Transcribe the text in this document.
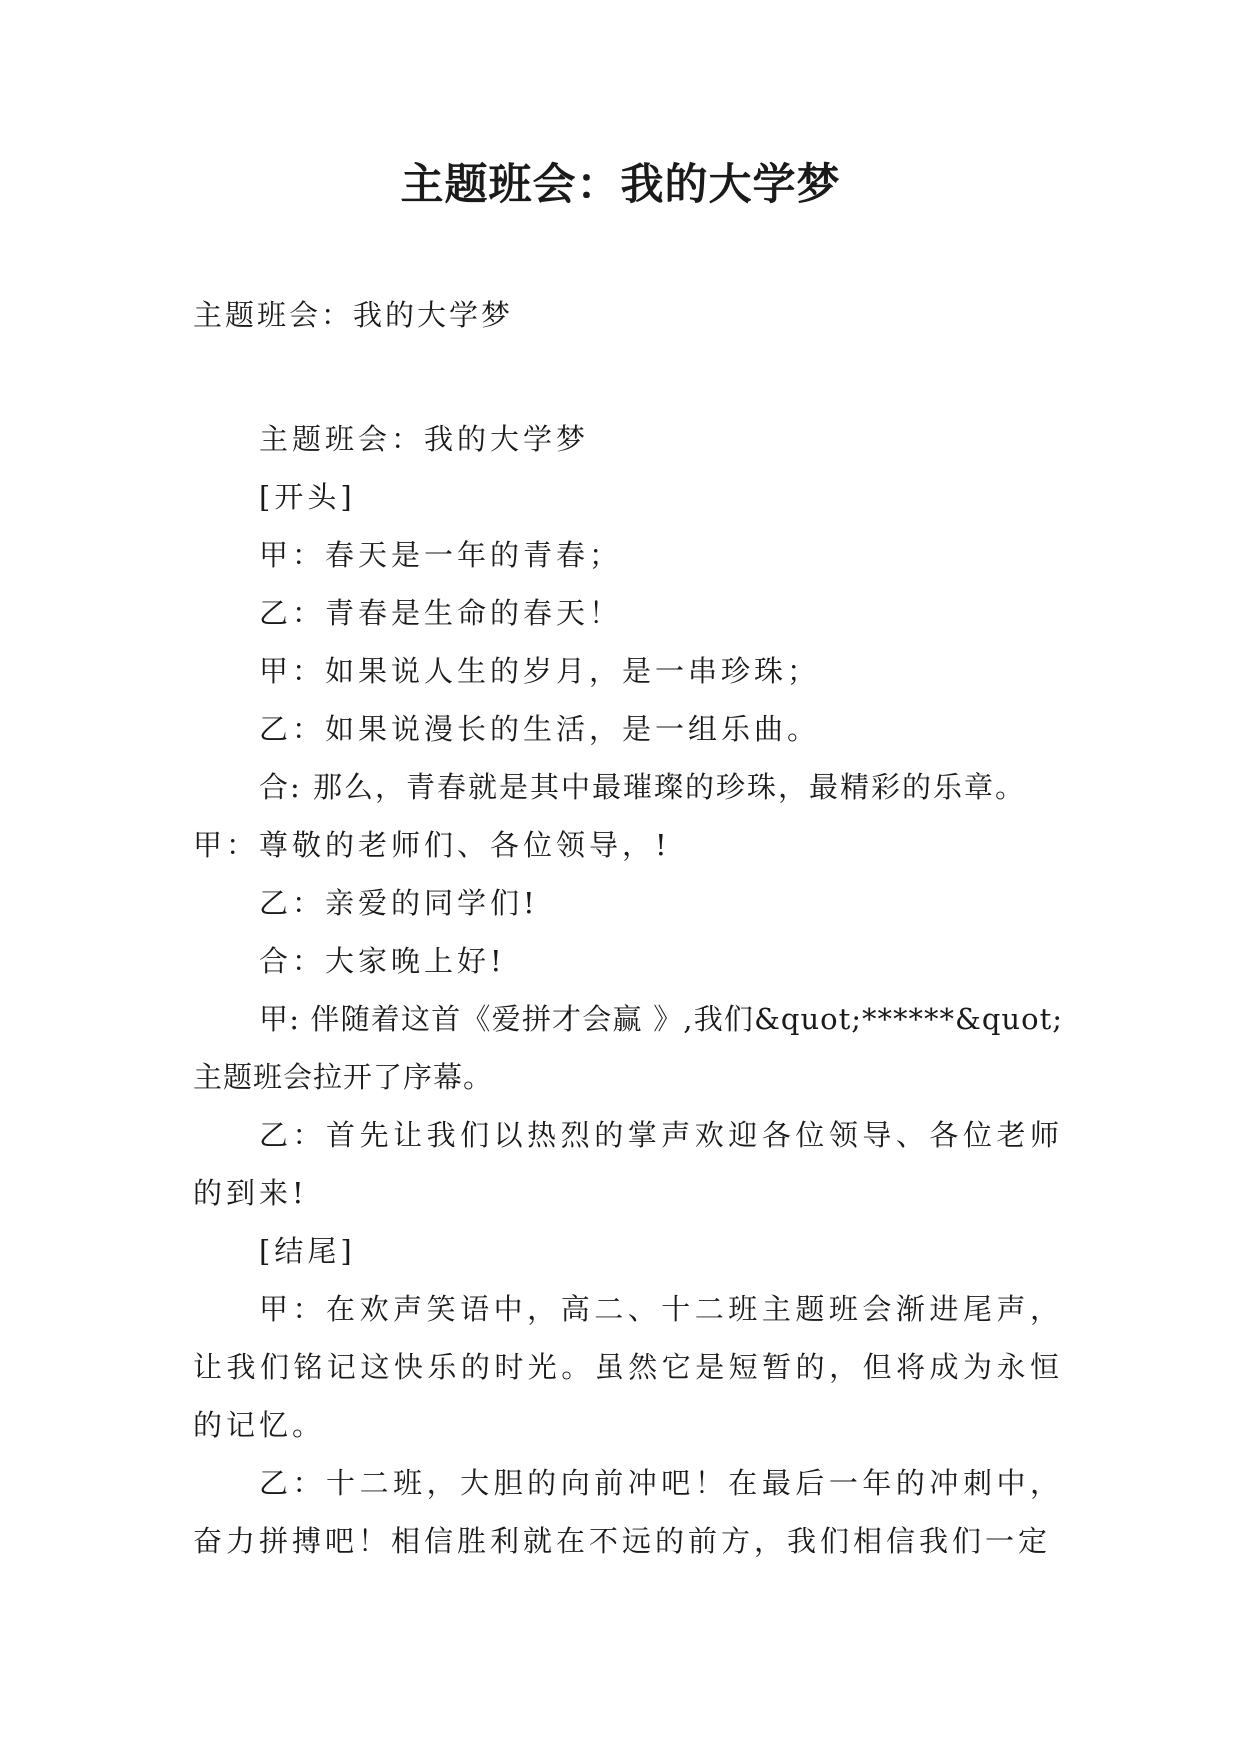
主题班会：我的大学梦

主题班会：我的大学梦

主题班会：我的大学梦

[开头]

甲：春天是一年的青春；

乙：青春是生命的春天！

甲：如果说人生的岁月，是一串珍珠；

乙：如果说漫长的生活，是一组乐曲。

合: 那么，青春就是其中最璀璨的珍珠，最精彩的乐章。

甲：尊敬的老师们、各位领导，!

乙：亲爱的同学们!

合：大家晚上好!

甲: 伴随着这首《爱拼才会赢 》,我们&quot;******&quot;主题班会拉开了序幕。

乙：首先让我们以热烈的掌声欢迎各位领导、各位老师的到来!

[结尾]

甲：在欢声笑语中，高二、十二班主题班会渐进尾声，让我们铭记这快乐的时光。虽然它是短暂的，但将成为永恒的记忆。

乙：十二班，大胆的向前冲吧！在最后一年的冲刺中，奋力拼搏吧！相信胜利就在不远的前方，我们相信我们一定
